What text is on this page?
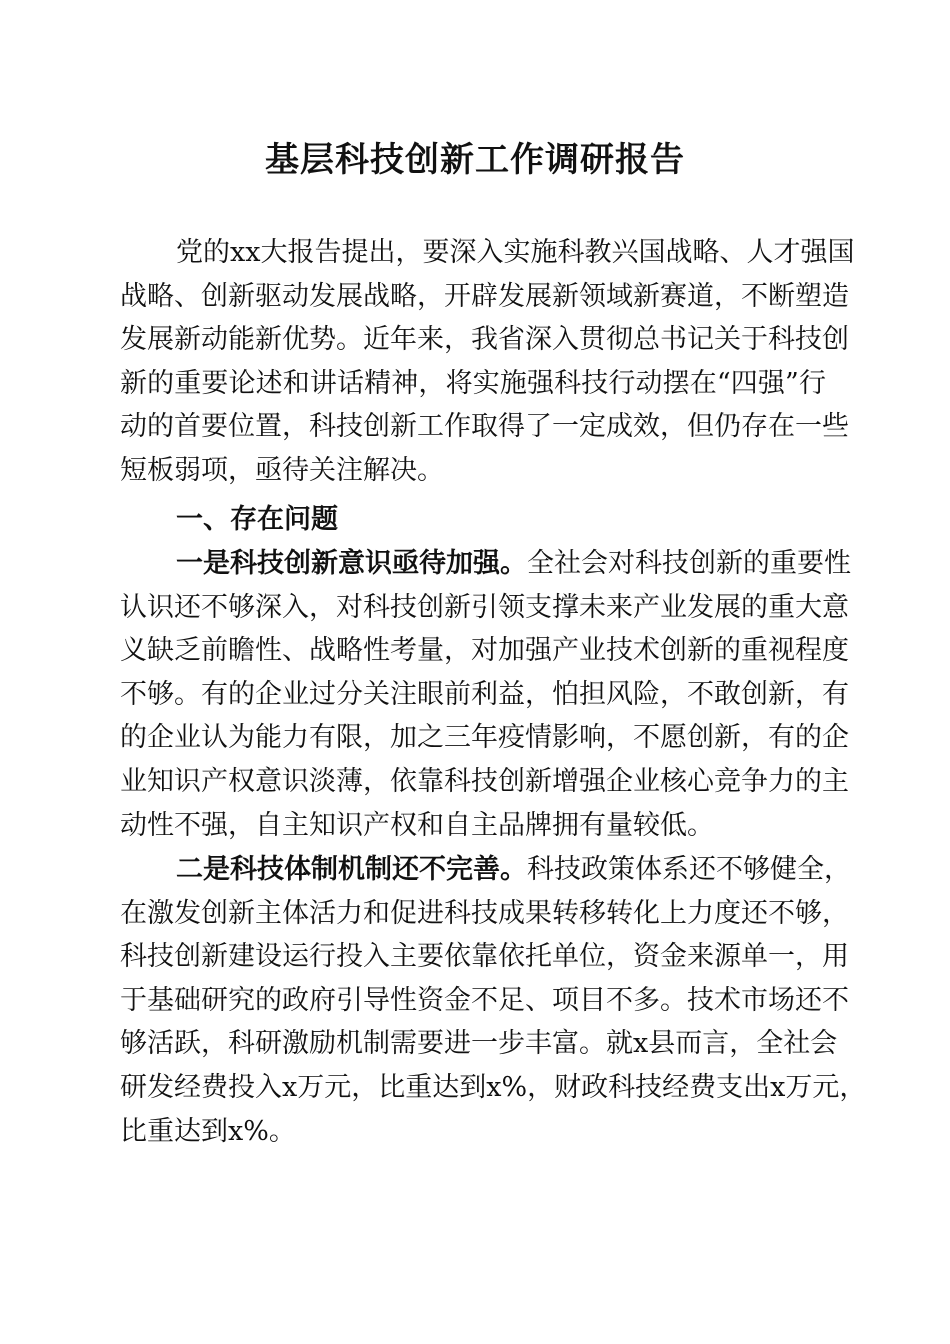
基层科技创新工作调研报告
党的xx大报告提出，要深入实施科教兴国战略、人才强国
战略、创新驱动发展战略，开辟发展新领域新赛道，不断塑造
发展新动能新优势。近年来，我省深入贯彻总书记关于科技创
新的重要论述和讲话精神，将实施强科技行动摆在“四强”行
动的首要位置，科技创新工作取得了一定成效，但仍存在一些
短板弱项，亟待关注解决。
一、存在问题
一是科技创新意识亟待加强。全社会对科技创新的重要性
认识还不够深入，对科技创新引领支撑未来产业发展的重大意
义缺乏前瞻性、战略性考量，对加强产业技术创新的重视程度
不够。有的企业过分关注眼前利益，怕担风险，不敢创新，有
的企业认为能力有限，加之三年疫情影响，不愿创新，有的企
业知识产权意识淡薄，依靠科技创新增强企业核心竞争力的主
动性不强，自主知识产权和自主品牌拥有量较低。
二是科技体制机制还不完善。科技政策体系还不够健全，
在激发创新主体活力和促进科技成果转移转化上力度还不够，
科技创新建设运行投入主要依靠依托单位，资金来源单一，用
于基础研究的政府引导性资金不足、项目不多。技术市场还不
够活跃，科研激励机制需要进一步丰富。就x县而言，全社会
研发经费投入x万元，比重达到x%，财政科技经费支出x万元，
比重达到x%。
